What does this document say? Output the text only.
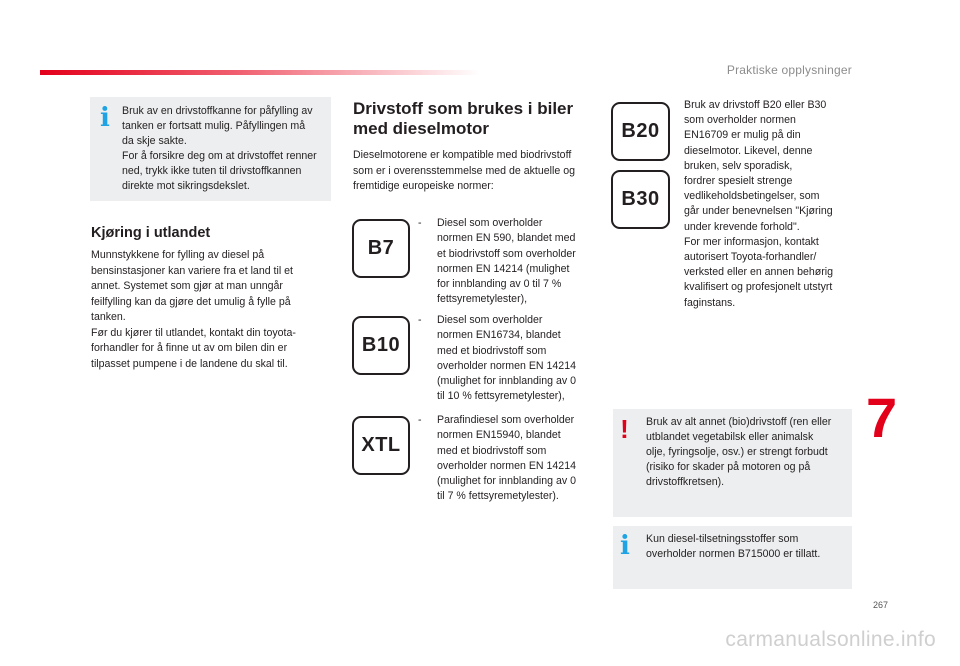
Praktiske opplysninger
i Bruk av en drivstoffkanne for påfylling av
tanken er fortsatt mulig. Påfyllingen må
da skje sakte.
For å forsikre deg om at drivstoffet renner
ned, trykk ikke tuten til drivstoffkannen
direkte mot sikringsdekslet.
Kjøring i utlandet
Munnstykkene for fylling av diesel på
bensinstasjoner kan variere fra et land til et
annet. Systemet som gjør at man unngår
feilfylling kan da gjøre det umulig å fylle på
tanken.
Før du kjører til utlandet, kontakt din toyota-
forhandler for å finne ut av om bilen din er
tilpasset pumpene i de landene du skal til.
Drivstoff som brukes i biler
med dieselmotor
Dieselmotorene er kompatible med biodrivstoff
som er i overensstemmelse med de aktuelle og
fremtidige europeiske normer:
B7
- Diesel som overholder
normen EN 590, blandet med
et biodrivstoff som overholder
normen EN 14214 (mulighet
for innblanding av 0 til 7 %
fettsyremetylester),
B10
- Diesel som overholder
normen EN16734, blandet
med et biodrivstoff som
overholder normen EN 14214
(mulighet for innblanding av 0
til 10 % fettsyremetylester),
XTL
- Parafindiesel som overholder
normen EN15940, blandet
med et biodrivstoff som
overholder normen EN 14214
(mulighet for innblanding av 0
til 7 % fettsyremetylester).
B20
B30
Bruk av drivstoff B20 eller B30
som overholder normen
EN16709 er mulig på din
dieselmotor. Likevel, denne
bruken, selv sporadisk,
fordrer spesielt strenge
vedlikeholdsbetingelser, som
går under benevnelsen "Kjøring
under krevende forhold".
For mer informasjon, kontakt
autorisert Toyota-forhandler/
verksted eller en annen behørig
kvalifisert og profesjonelt utstyrt
faginstans.
! Bruk av alt annet (bio)drivstoff (ren eller
utblandet vegetabilsk eller animalsk
olje, fyringsolje, osv.) er strengt forbudt
(risiko for skader på motoren og på
drivstoffkretsen).
i Kun diesel-tilsetningsstoffer som
overholder normen B715000 er tillatt.
7
267
carmanualsonline.info
